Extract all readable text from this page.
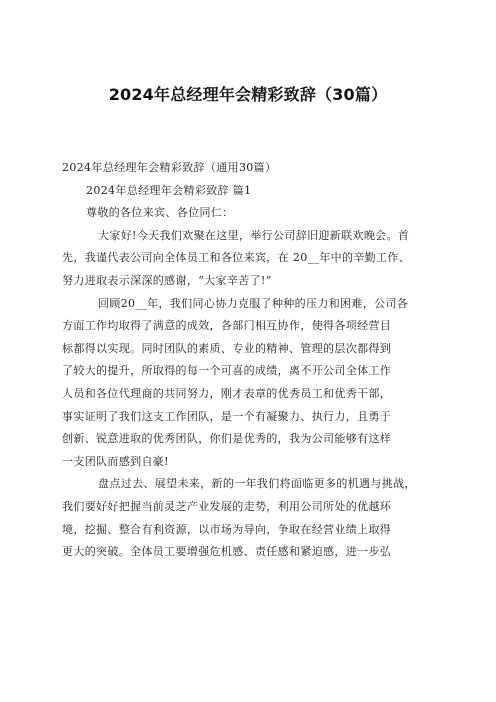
2024年总经理年会精彩致辞（30篇）
2024年总经理年会精彩致辞（通用30篇）
2024年总经理年会精彩致辞 篇1
尊敬的各位来宾、各位同仁：
大家好!今天我们欢聚在这里，举行公司辞旧迎新联欢晚会。首
先，我谨代表公司向全体员工和各位来宾，在 20__年中的辛勤工作、
努力进取表示深深的感谢，“大家辛苦了!”
回顾20__年，我们同心协力克服了种种的压力和困难，公司各
方面工作均取得了满意的成效，各部门相互协作，使得各项经营目
标都得以实现。同时团队的素质、专业的精神、管理的层次都得到
了较大的提升，所取得的每一个可喜的成绩，离不开公司全体工作
人员和各位代理商的共同努力，刚才表章的优秀员工和优秀干部，
事实证明了我们这支工作团队，是一个有凝聚力、执行力，且勇于
创新、锐意进取的优秀团队，你们是优秀的，我为公司能够有这样
一支团队而感到自豪!
盘点过去、展望未来，新的一年我们将面临更多的机遇与挑战，
我们要好好把握当前灵芝产业发展的走势，利用公司所处的优越环
境，挖掘、整合有利资源，以市场为导向，争取在经营业绩上取得
更大的突破。全体员工要增强危机感、责任感和紧迫感，进一步弘
